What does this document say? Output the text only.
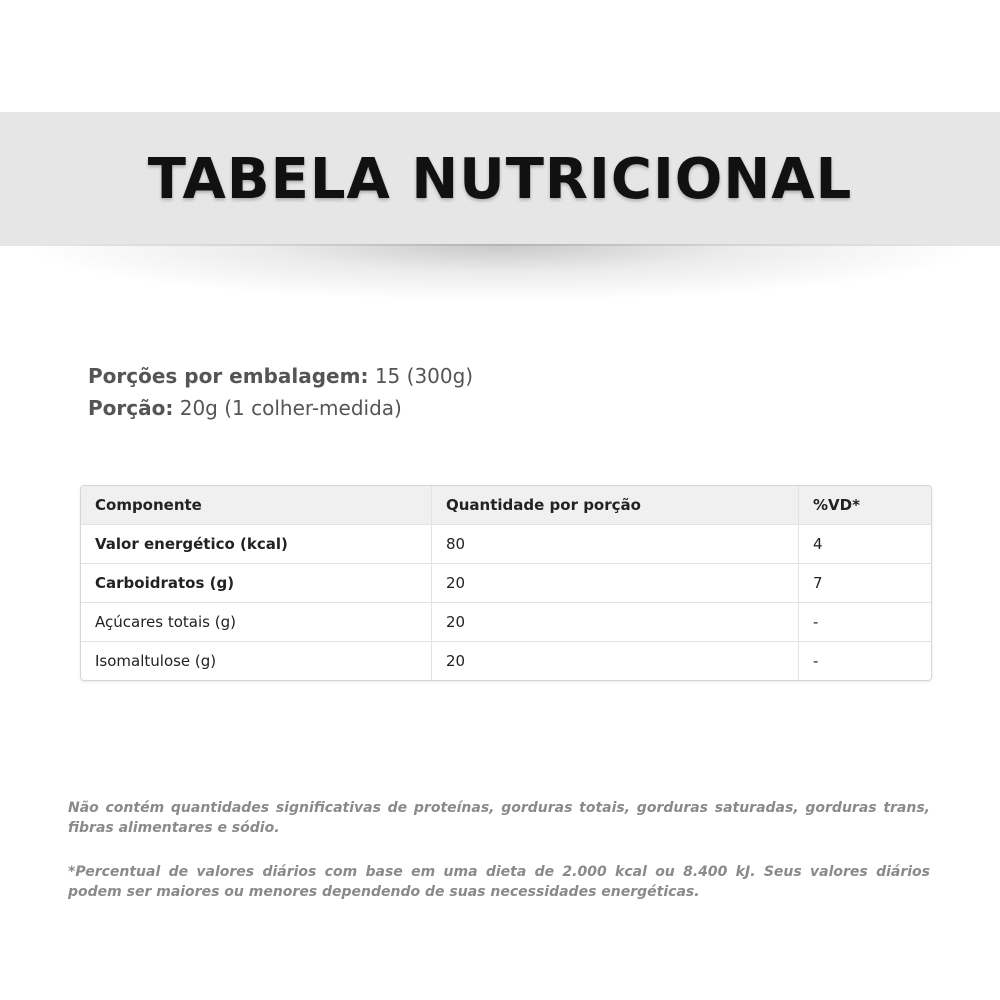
TABELA NUTRICIONAL
Porções por embalagem: 15 (300g)
Porção: 20g (1 colher-medida)
Componente	Quantidade por porção	%VD*
Valor energético (kcal)	80	4
Carboidratos (g)	20	7
Açúcares totais (g)	20	-
Isomaltulose (g)	20	-
Não contém quantidades significativas de proteínas, gorduras totais, gorduras saturadas, gorduras trans, fibras alimentares e sódio.
*Percentual de valores diários com base em uma dieta de 2.000 kcal ou 8.400 kJ. Seus valores diários podem ser maiores ou menores dependendo de suas necessidades energéticas.
